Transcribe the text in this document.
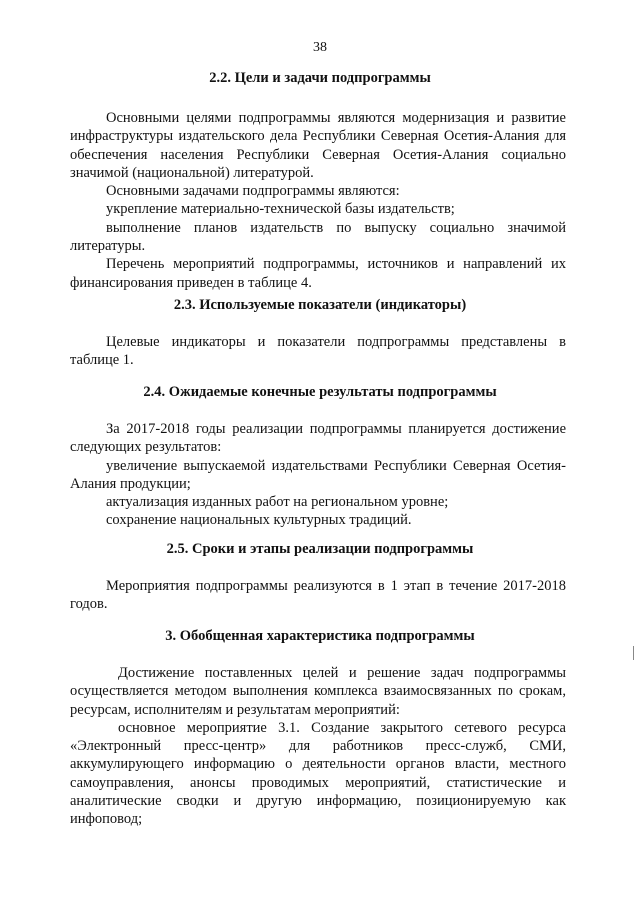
38
2.2. Цели и задачи подпрограммы

Основными целями подпрограммы являются модернизация и развитие инфраструктуры издательского дела Республики Северная Осетия-Алания для обеспечения населения Республики Северная Осетия-Алания социально значимой (национальной) литературой.

Основными задачами подпрограммы являются:

укрепление материально-технической базы издательств;

выполнение планов издательств по выпуску социально значимой литературы.

Перечень мероприятий подпрограммы, источников и направлений их финансирования приведен в таблице 4.

2.3. Используемые показатели (индикаторы)

Целевые индикаторы и показатели подпрограммы представлены в таблице 1.

2.4. Ожидаемые конечные результаты подпрограммы

За 2017-2018 годы реализации подпрограммы планируется достижение следующих результатов:

увеличение выпускаемой издательствами Республики Северная Осетия-Алания продукции;

актуализация изданных работ на региональном уровне;

сохранение национальных культурных традиций.

2.5. Сроки и этапы реализации подпрограммы

Мероприятия подпрограммы реализуются в 1 этап в течение 2017-2018 годов.

3. Обобщенная характеристика подпрограммы

Достижение поставленных целей и решение задач подпрограммы осуществляется методом выполнения комплекса взаимосвязанных по срокам, ресурсам, исполнителям и результатам мероприятий:

основное мероприятие 3.1. Создание закрытого сетевого ресурса «Электронный пресс-центр» для работников пресс-служб, СМИ, аккумулирующего информацию о деятельности органов власти, местного самоуправления, анонсы проводимых мероприятий, статистические и аналитические сводки и другую информацию, позиционируемую как инфоповод;
